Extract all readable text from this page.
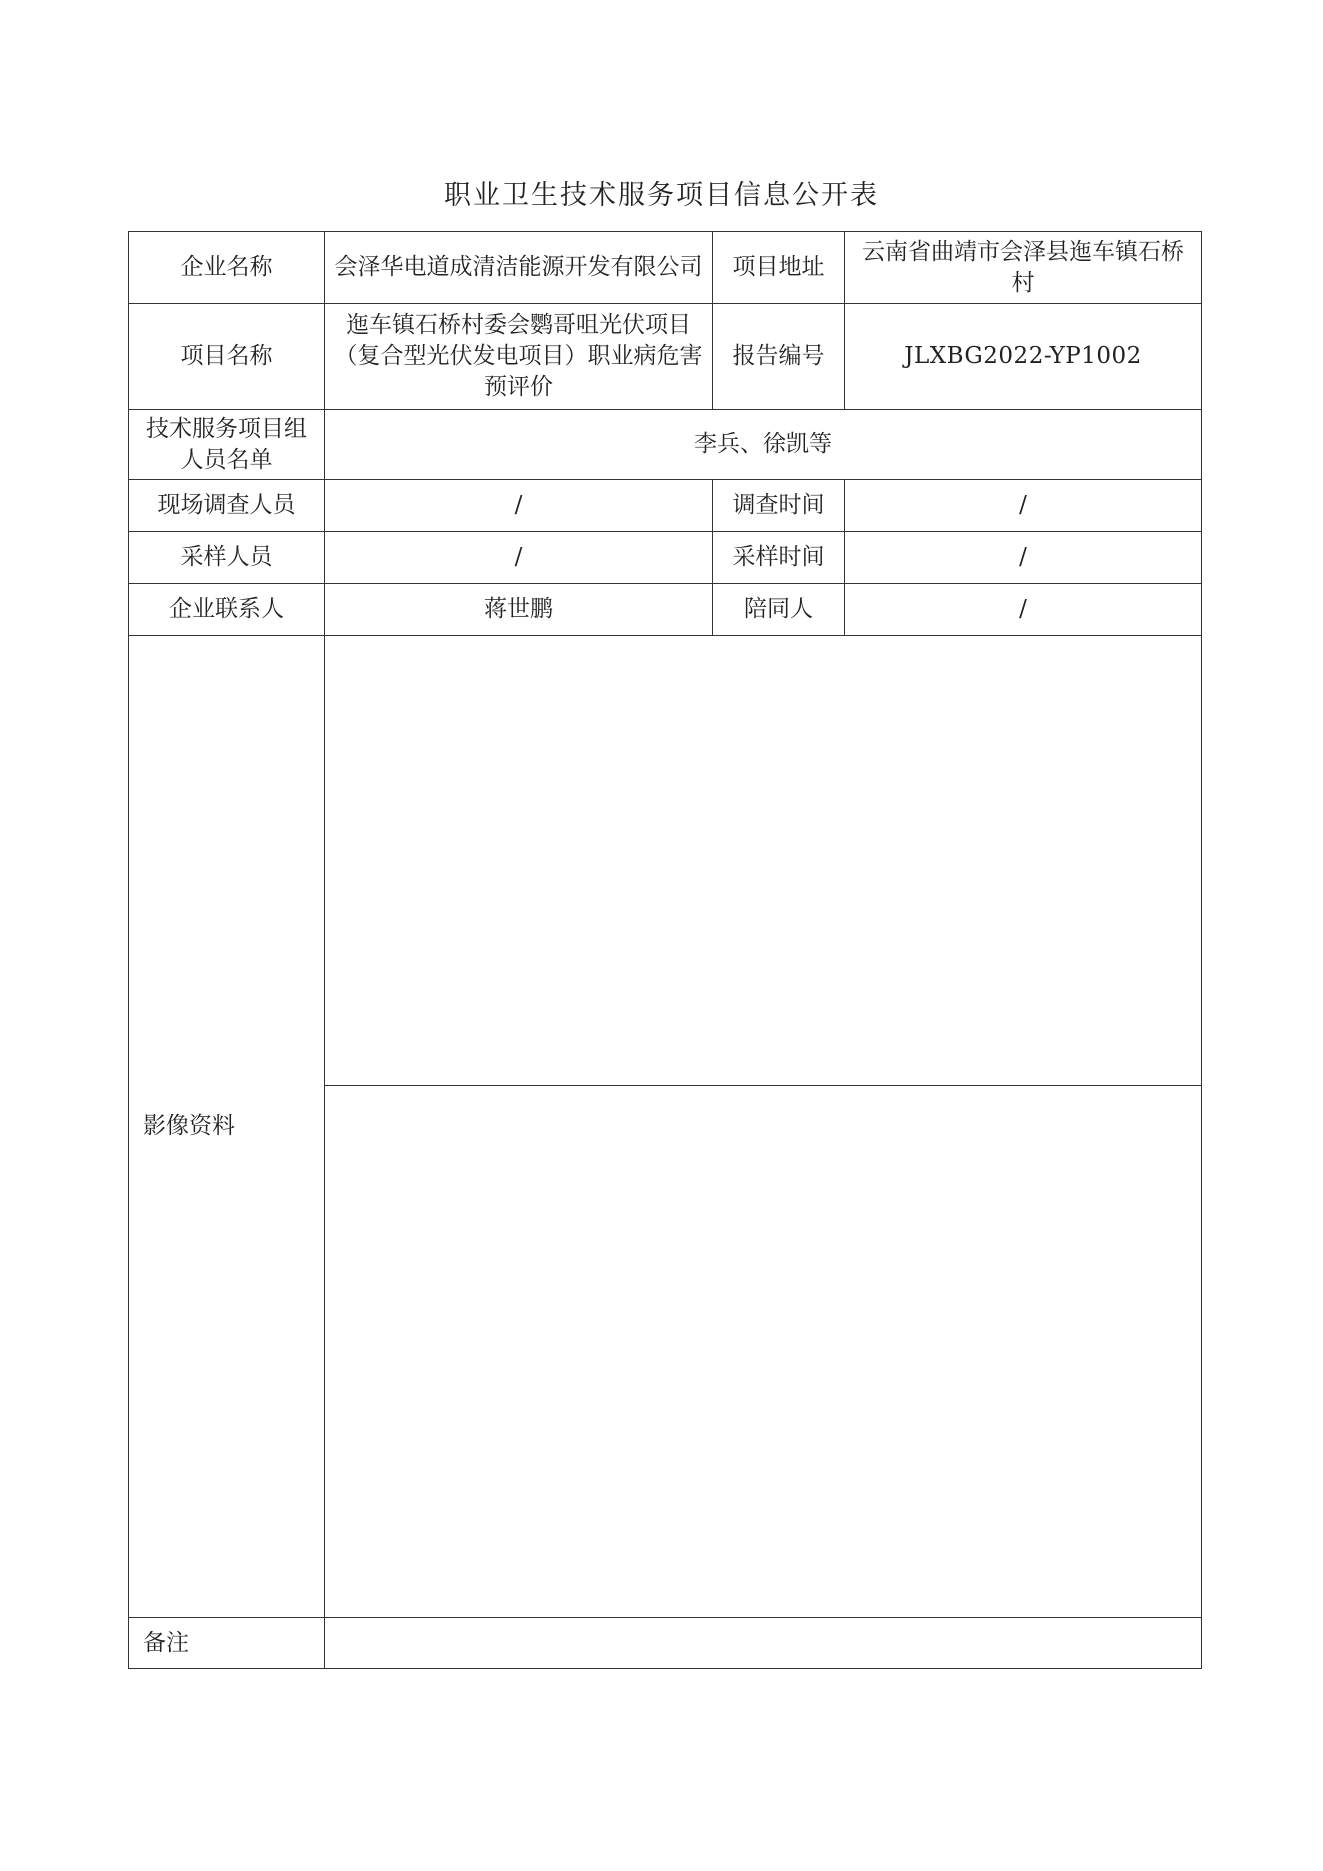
职业卫生技术服务项目信息公开表
企业名称	会泽华电道成清洁能源开发有限公司	项目地址	云南省曲靖市会泽县迤车镇石桥村
项目名称	迤车镇石桥村委会鹦哥咀光伏项目（复合型光伏发电项目）职业病危害预评价	报告编号	JLXBG2022-YP1002
技术服务项目组人员名单	李兵、徐凯等		
现场调查人员	/	调查时间	/
采样人员	/	采样时间	/
企业联系人	蒋世鹏	陪同人	/
影像资料			

备注			
